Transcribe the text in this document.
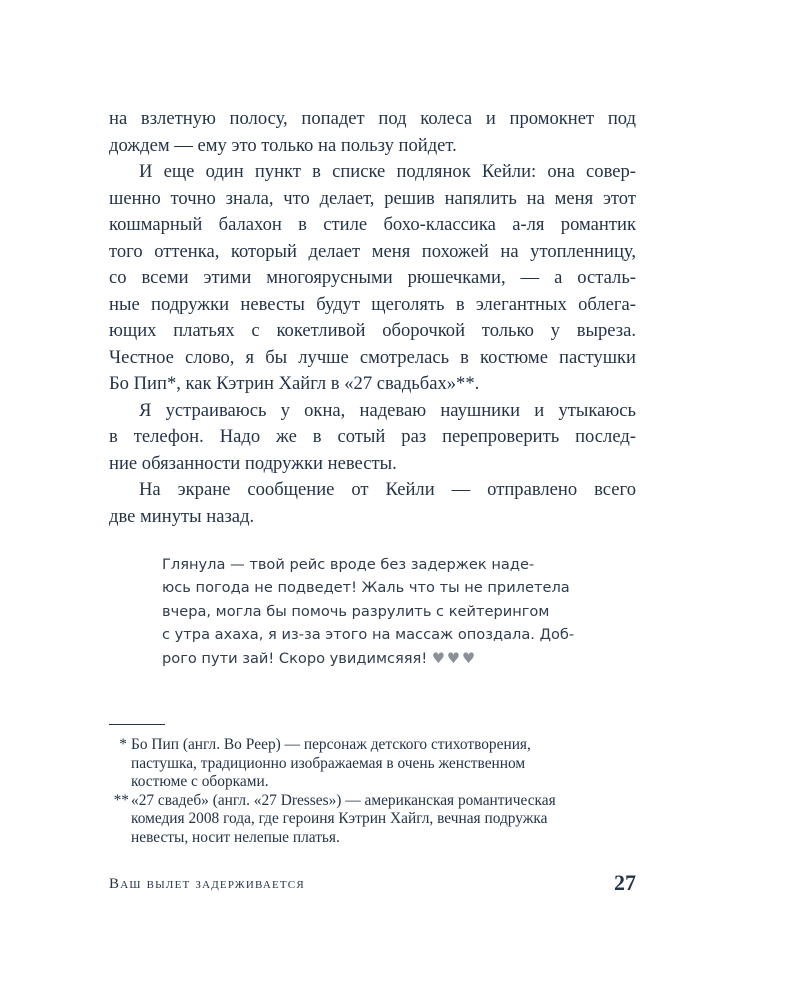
на взлетную полосу, попадет под колеса и промокнет под
дождем — ему это только на пользу пойдет.
И еще один пункт в списке подлянок Кейли: она совер-
шенно точно знала, что делает, решив напялить на меня этот
кошмарный балахон в стиле бохо-классика а-ля романтик
того оттенка, который делает меня похожей на утопленницу,
со всеми этими многоярусными рюшечками, — а осталь-
ные подружки невесты будут щеголять в элегантных облега-
ющих платьях с кокетливой оборочкой только у выреза.
Честное слово, я бы лучше смотрелась в костюме пастушки
Бо Пип*, как Кэтрин Хайгл в «27 свадьбах»**.
Я устраиваюсь у окна, надеваю наушники и утыкаюсь
в телефон. Надо же в сотый раз перепроверить послед-
ние обязанности подружки невесты.
На экране сообщение от Кейли — отправлено всего
две минуты назад.
Глянула — твой рейс вроде без задержек наде-
юсь погода не подведет! Жаль что ты не прилетела
вчера, могла бы помочь разрулить с кейтерингом
с утра ахаха, я из-за этого на массаж опоздала. Доб-
рого пути зай! Скоро увидимсяяя! ♥♥♥
* Бо Пип (англ. Bo Peep) — персонаж детского стихотворения,
пастушка, традиционно изображаемая в очень женственном
костюме с оборками.
** «27 свадеб» (англ. «27 Dresses») — американская романтическая
комедия 2008 года, где героиня Кэтрин Хайгл, вечная подружка
невесты, носит нелепые платья.
Ваш вылет задерживается	27
